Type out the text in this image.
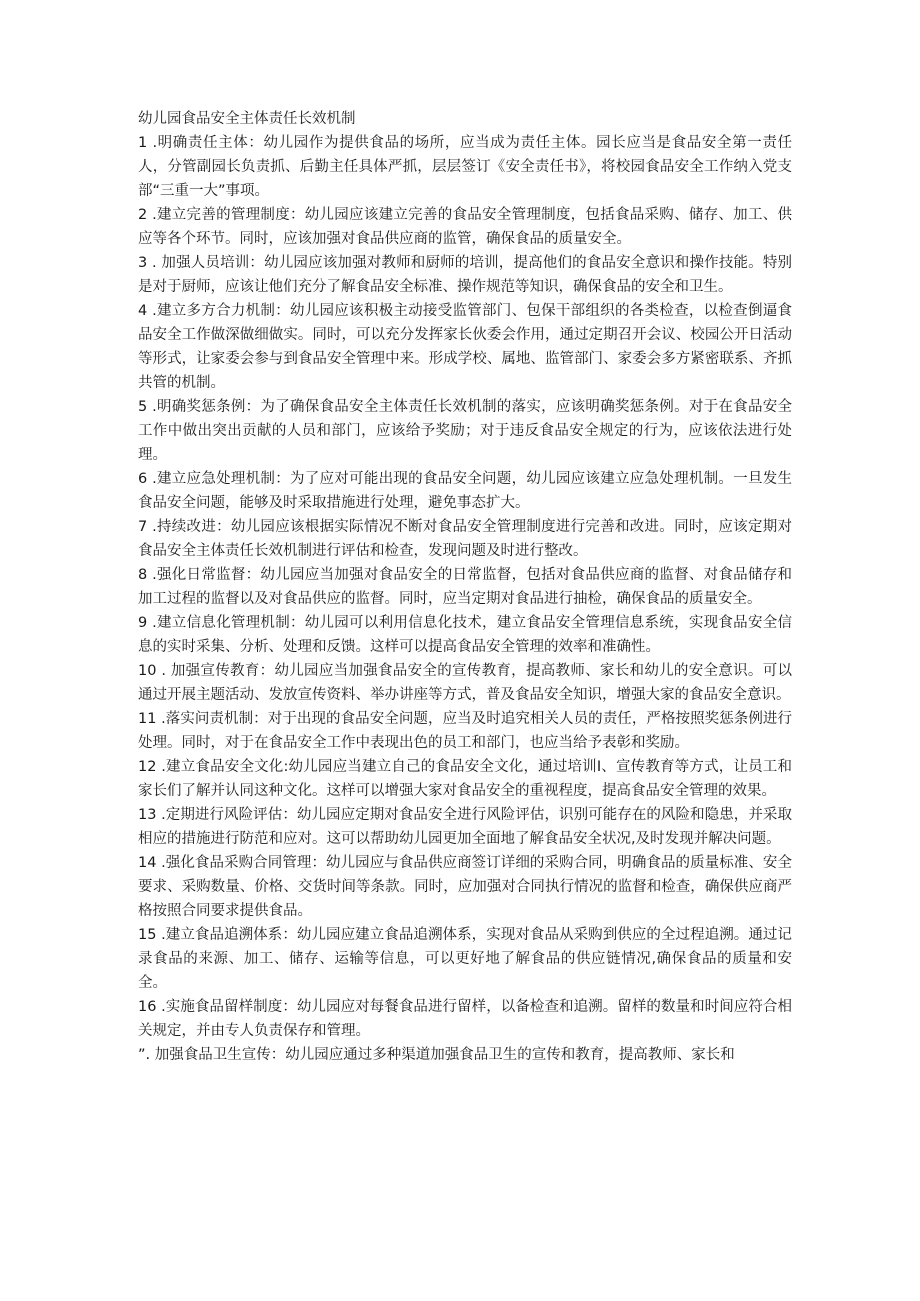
幼儿园食品安全主体责任长效机制

1 .明确责任主体：幼儿园作为提供食品的场所，应当成为责任主体。园长应当是食品安全第一责任人，分管副园长负责抓、后勤主任具体严抓，层层签订《安全责任书》，将校园食品安全工作纳入党支部“三重一大”事项。

2 .建立完善的管理制度：幼儿园应该建立完善的食品安全管理制度，包括食品采购、储存、加工、供应等各个环节。同时，应该加强对食品供应商的监管，确保食品的质量安全。

3 . 加强人员培训：幼儿园应该加强对教师和厨师的培训，提高他们的食品安全意识和操作技能。特别是对于厨师，应该让他们充分了解食品安全标准、操作规范等知识，确保食品的安全和卫生。

4 .建立多方合力机制：幼儿园应该积极主动接受监管部门、包保干部组织的各类检查，以检查倒逼食品安全工作做深做细做实。同时，可以充分发挥家长伙委会作用，通过定期召开会议、校园公开日活动等形式，让家委会参与到食品安全管理中来。形成学校、属地、监管部门、家委会多方紧密联系、齐抓共管的机制。

5 .明确奖惩条例：为了确保食品安全主体责任长效机制的落实，应该明确奖惩条例。对于在食品安全工作中做出突出贡献的人员和部门，应该给予奖励；对于违反食品安全规定的行为，应该依法进行处理。

6 .建立应急处理机制：为了应对可能出现的食品安全问题，幼儿园应该建立应急处理机制。一旦发生食品安全问题，能够及时采取措施进行处理，避免事态扩大。

7 .持续改进：幼儿园应该根据实际情况不断对食品安全管理制度进行完善和改进。同时，应该定期对食品安全主体责任长效机制进行评估和检查，发现问题及时进行整改。

8 .强化日常监督：幼儿园应当加强对食品安全的日常监督，包括对食品供应商的监督、对食品储存和加工过程的监督以及对食品供应的监督。同时，应当定期对食品进行抽检，确保食品的质量安全。

9 .建立信息化管理机制：幼儿园可以利用信息化技术，建立食品安全管理信息系统，实现食品安全信息的实时采集、分析、处理和反馈。这样可以提高食品安全管理的效率和准确性。

10 . 加强宣传教育：幼儿园应当加强食品安全的宣传教育，提高教师、家长和幼儿的安全意识。可以通过开展主题活动、发放宣传资料、举办讲座等方式，普及食品安全知识，增强大家的食品安全意识。

11 .落实问责机制：对于出现的食品安全问题，应当及时追究相关人员的责任，严格按照奖惩条例进行处理。同时，对于在食品安全工作中表现出色的员工和部门，也应当给予表彰和奖励。

12 .建立食品安全文化:幼儿园应当建立自己的食品安全文化，通过培训I、宣传教育等方式，让员工和家长们了解并认同这种文化。这样可以增强大家对食品安全的重视程度，提高食品安全管理的效果。

13 .定期进行风险评估：幼儿园应定期对食品安全进行风险评估，识别可能存在的风险和隐患，并采取相应的措施进行防范和应对。这可以帮助幼儿园更加全面地了解食品安全状况,及时发现并解决问题。

14 .强化食品采购合同管理：幼儿园应与食品供应商签订详细的采购合同，明确食品的质量标准、安全要求、采购数量、价格、交货时间等条款。同时，应加强对合同执行情况的监督和检查，确保供应商严格按照合同要求提供食品。

15 .建立食品追溯体系：幼儿园应建立食品追溯体系，实现对食品从采购到供应的全过程追溯。通过记录食品的来源、加工、储存、运输等信息，可以更好地了解食品的供应链情况,确保食品的质量和安全。

16 .实施食品留样制度：幼儿园应对每餐食品进行留样，以备检查和追溯。留样的数量和时间应符合相关规定，并由专人负责保存和管理。

”. 加强食品卫生宣传：幼儿园应通过多种渠道加强食品卫生的宣传和教育，提高教师、家长和
